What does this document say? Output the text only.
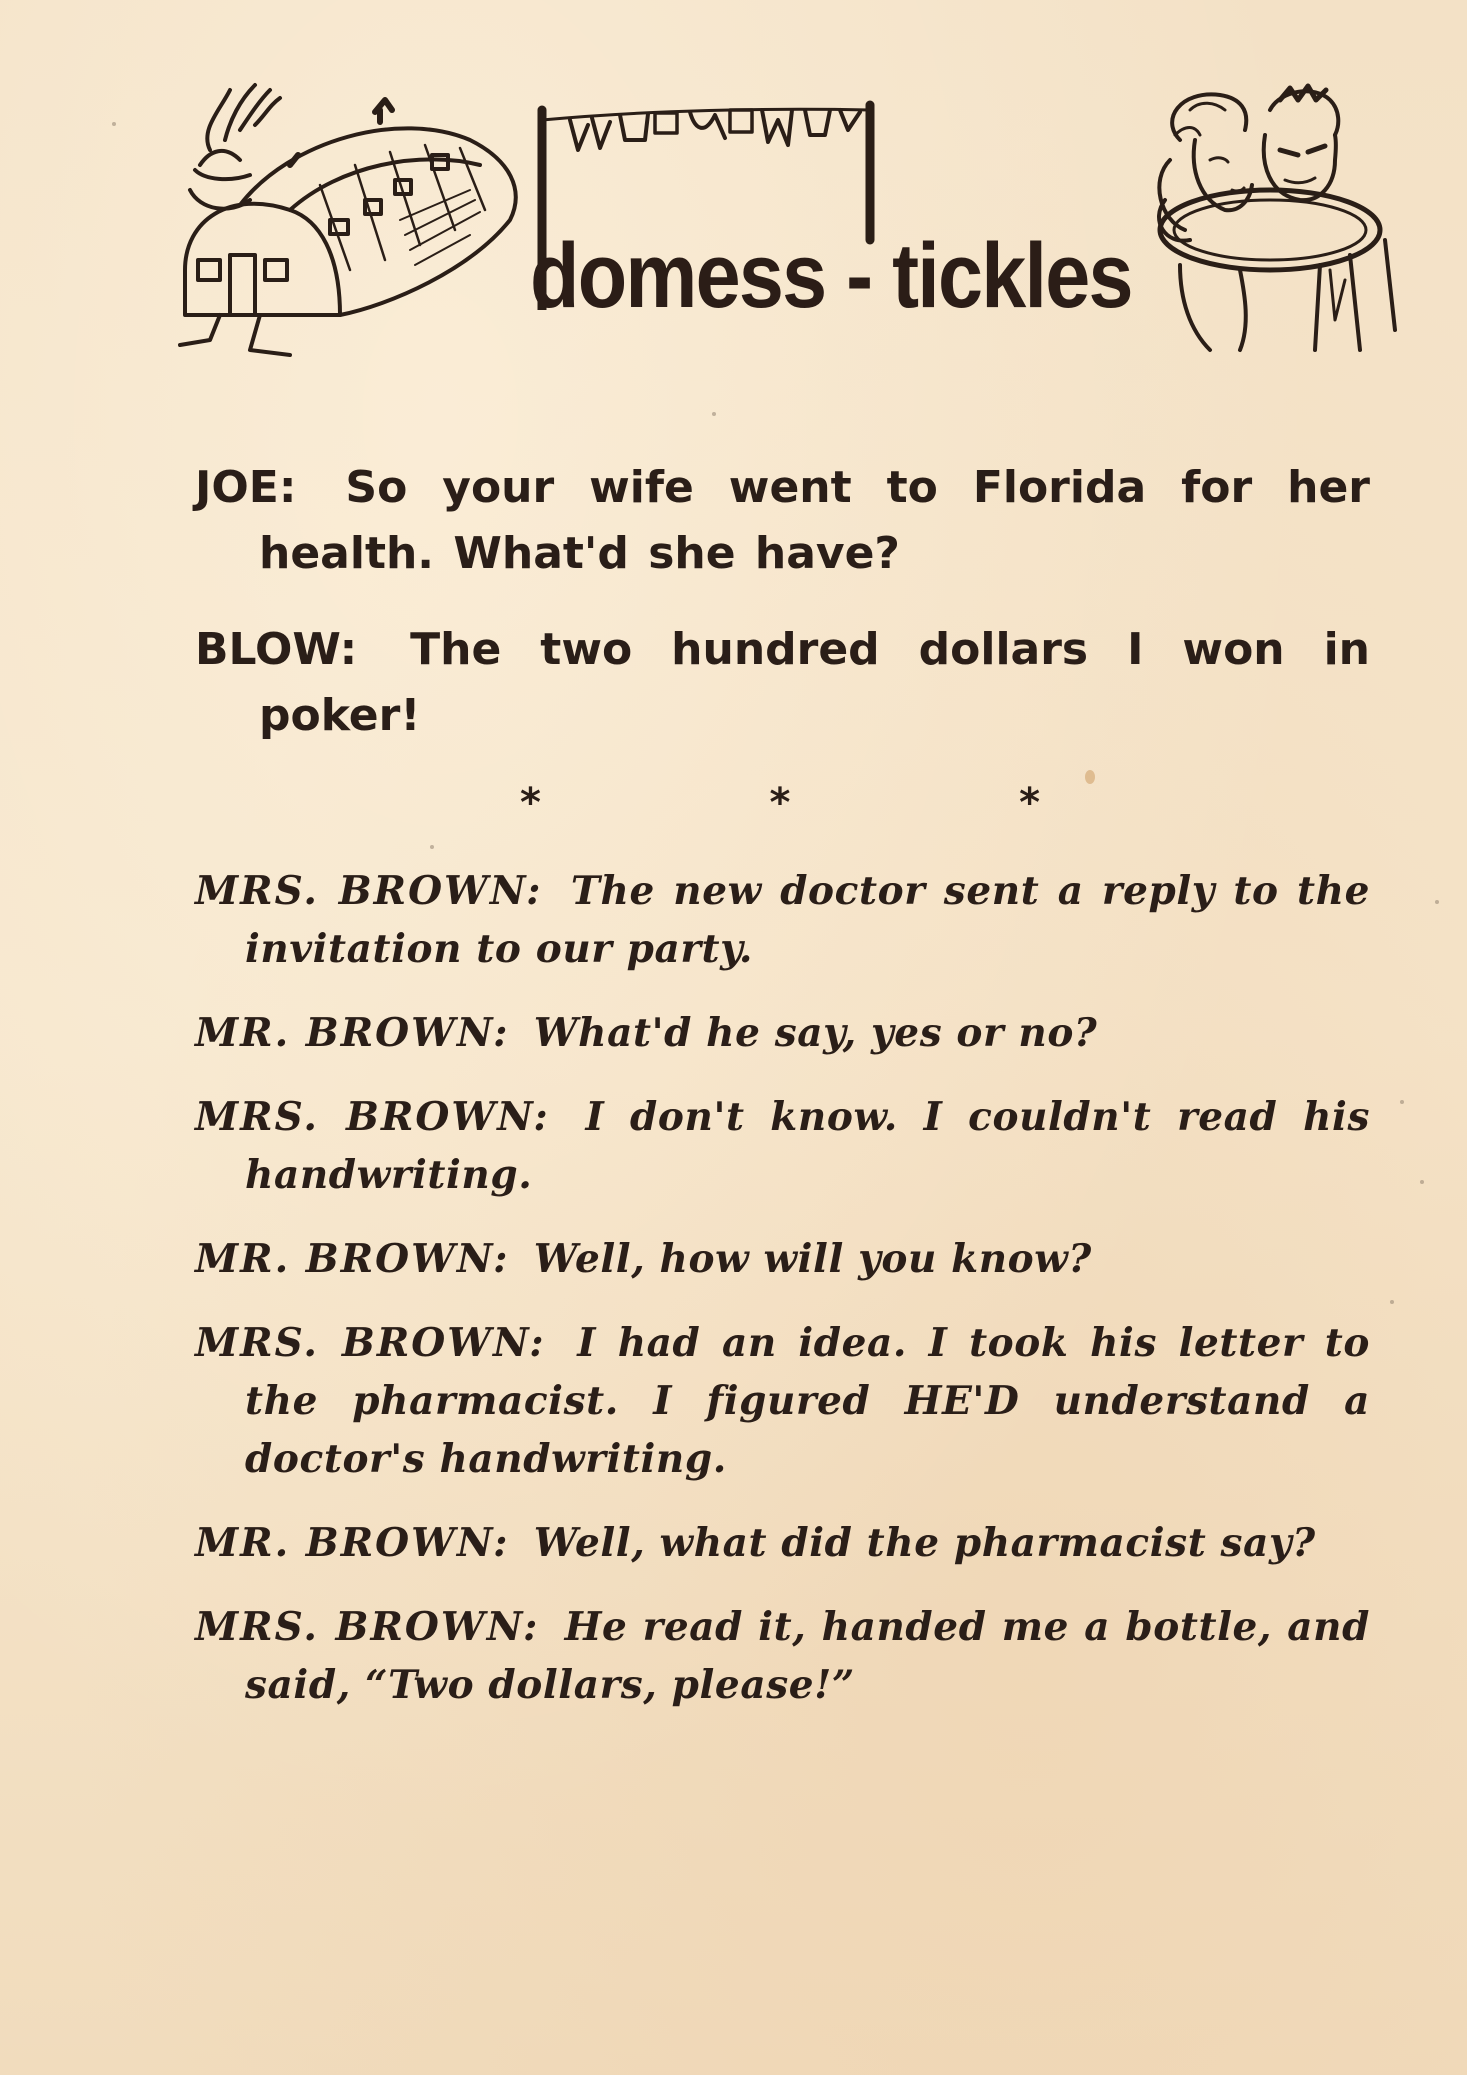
domess - tickles
JOE: So your wife went to Florida for her health. What'd she have?
BLOW: The two hundred dollars I won in poker!
*	*	*
MRS. BROWN: The new doctor sent a reply to the invitation to our party.
MR. BROWN: What'd he say, yes or no?
MRS. BROWN: I don't know. I couldn't read his handwriting.
MR. BROWN: Well, how will you know?
MRS. BROWN: I had an idea. I took his letter to the pharmacist. I figured HE'D understand a doctor's handwriting.
MR. BROWN: Well, what did the pharmacist say?
MRS. BROWN: He read it, handed me a bottle, and said, “Two dollars, please!”
